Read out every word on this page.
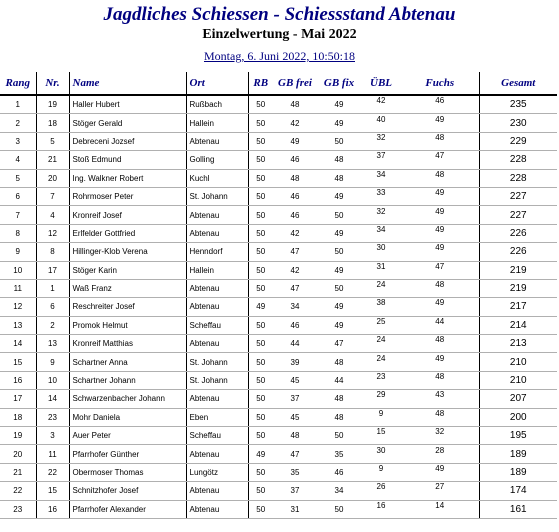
Jagdliches Schiessen - Schiessstand Abtenau
Einzelwertung - Mai 2022
Montag, 6. Juni 2022, 10:50:18
Rang	Nr.	Name	Ort	RB	GB frei	GB fix	ÜBL	Fuchs	Gesamt
1	19	Haller Hubert	Rußbach	50	48	49	42	46	235
2	18	Stöger Gerald	Hallein	50	42	49	40	49	230
3	5	Debreceni Jozsef	Abtenau	50	49	50	32	48	229
4	21	Stoß Edmund	Golling	50	46	48	37	47	228
5	20	Ing. Walkner Robert	Kuchl	50	48	48	34	48	228
6	7	Rohrmoser Peter	St. Johann	50	46	49	33	49	227
7	4	Kronreif Josef	Abtenau	50	46	50	32	49	227
8	12	Erlfelder Gottfried	Abtenau	50	42	49	34	49	226
9	8	Hillinger-Klob Verena	Henndorf	50	47	50	30	49	226
10	17	Stöger Karin	Hallein	50	42	49	31	47	219
11	1	Waß Franz	Abtenau	50	47	50	24	48	219
12	6	Reschreiter Josef	Abtenau	49	34	49	38	49	217
13	2	Promok Helmut	Scheffau	50	46	49	25	44	214
14	13	Kronreif Matthias	Abtenau	50	44	47	24	48	213
15	9	Schartner Anna	St. Johann	50	39	48	24	49	210
16	10	Schartner Johann	St. Johann	50	45	44	23	48	210
17	14	Schwarzenbacher Johann	Abtenau	50	37	48	29	43	207
18	23	Mohr Daniela	Eben	50	45	48	9	48	200
19	3	Auer Peter	Scheffau	50	48	50	15	32	195
20	11	Pfarrhofer Günther	Abtenau	49	47	35	30	28	189
21	22	Obermoser Thomas	Lungötz	50	35	46	9	49	189
22	15	Schnitzhofer Josef	Abtenau	50	37	34	26	27	174
23	16	Pfarrhofer Alexander	Abtenau	50	31	50	16	14	161
